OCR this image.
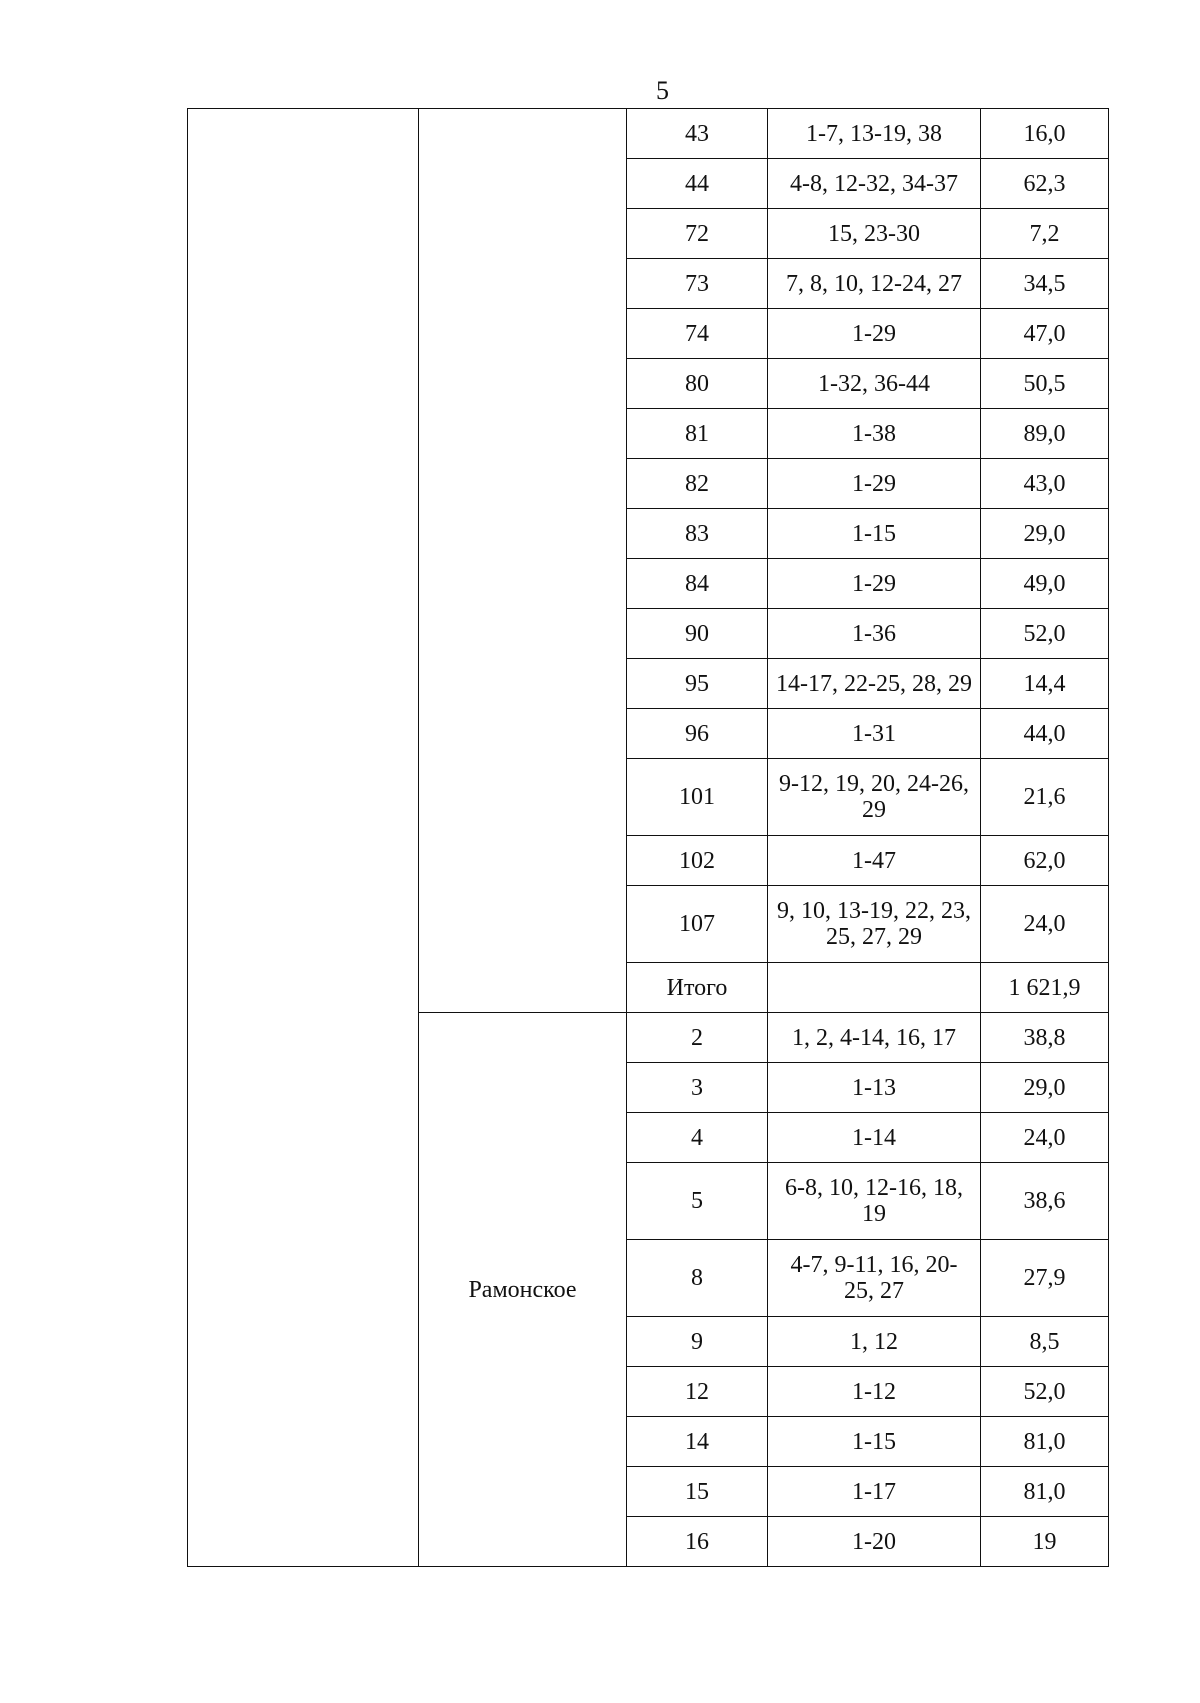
5
		43	1-7, 13-19, 38	16,0
		44	4-8, 12-32, 34-37	62,3
		72	15, 23-30	7,2
		73	7, 8, 10, 12-24, 27	34,5
		74	1-29	47,0
		80	1-32, 36-44	50,5
		81	1-38	89,0
		82	1-29	43,0
		83	1-15	29,0
		84	1-29	49,0
		90	1-36	52,0
		95	14-17, 22-25, 28, 29	14,4
		96	1-31	44,0
		101	9-12, 19, 20, 24-26,
29	21,6
		102	1-47	62,0
		107	9, 10, 13-19, 22, 23,
25, 27, 29	24,0
		Итого		1 621,9
	Рамонское	2	1, 2, 4-14, 16, 17	38,8
		3	1-13	29,0
		4	1-14	24,0
		5	6-8, 10, 12-16, 18,
19	38,6
		8	4-7, 9-11, 16, 20-
25, 27	27,9
		9	1, 12	8,5
		12	1-12	52,0
		14	1-15	81,0
		15	1-17	81,0
		16	1-20	19
